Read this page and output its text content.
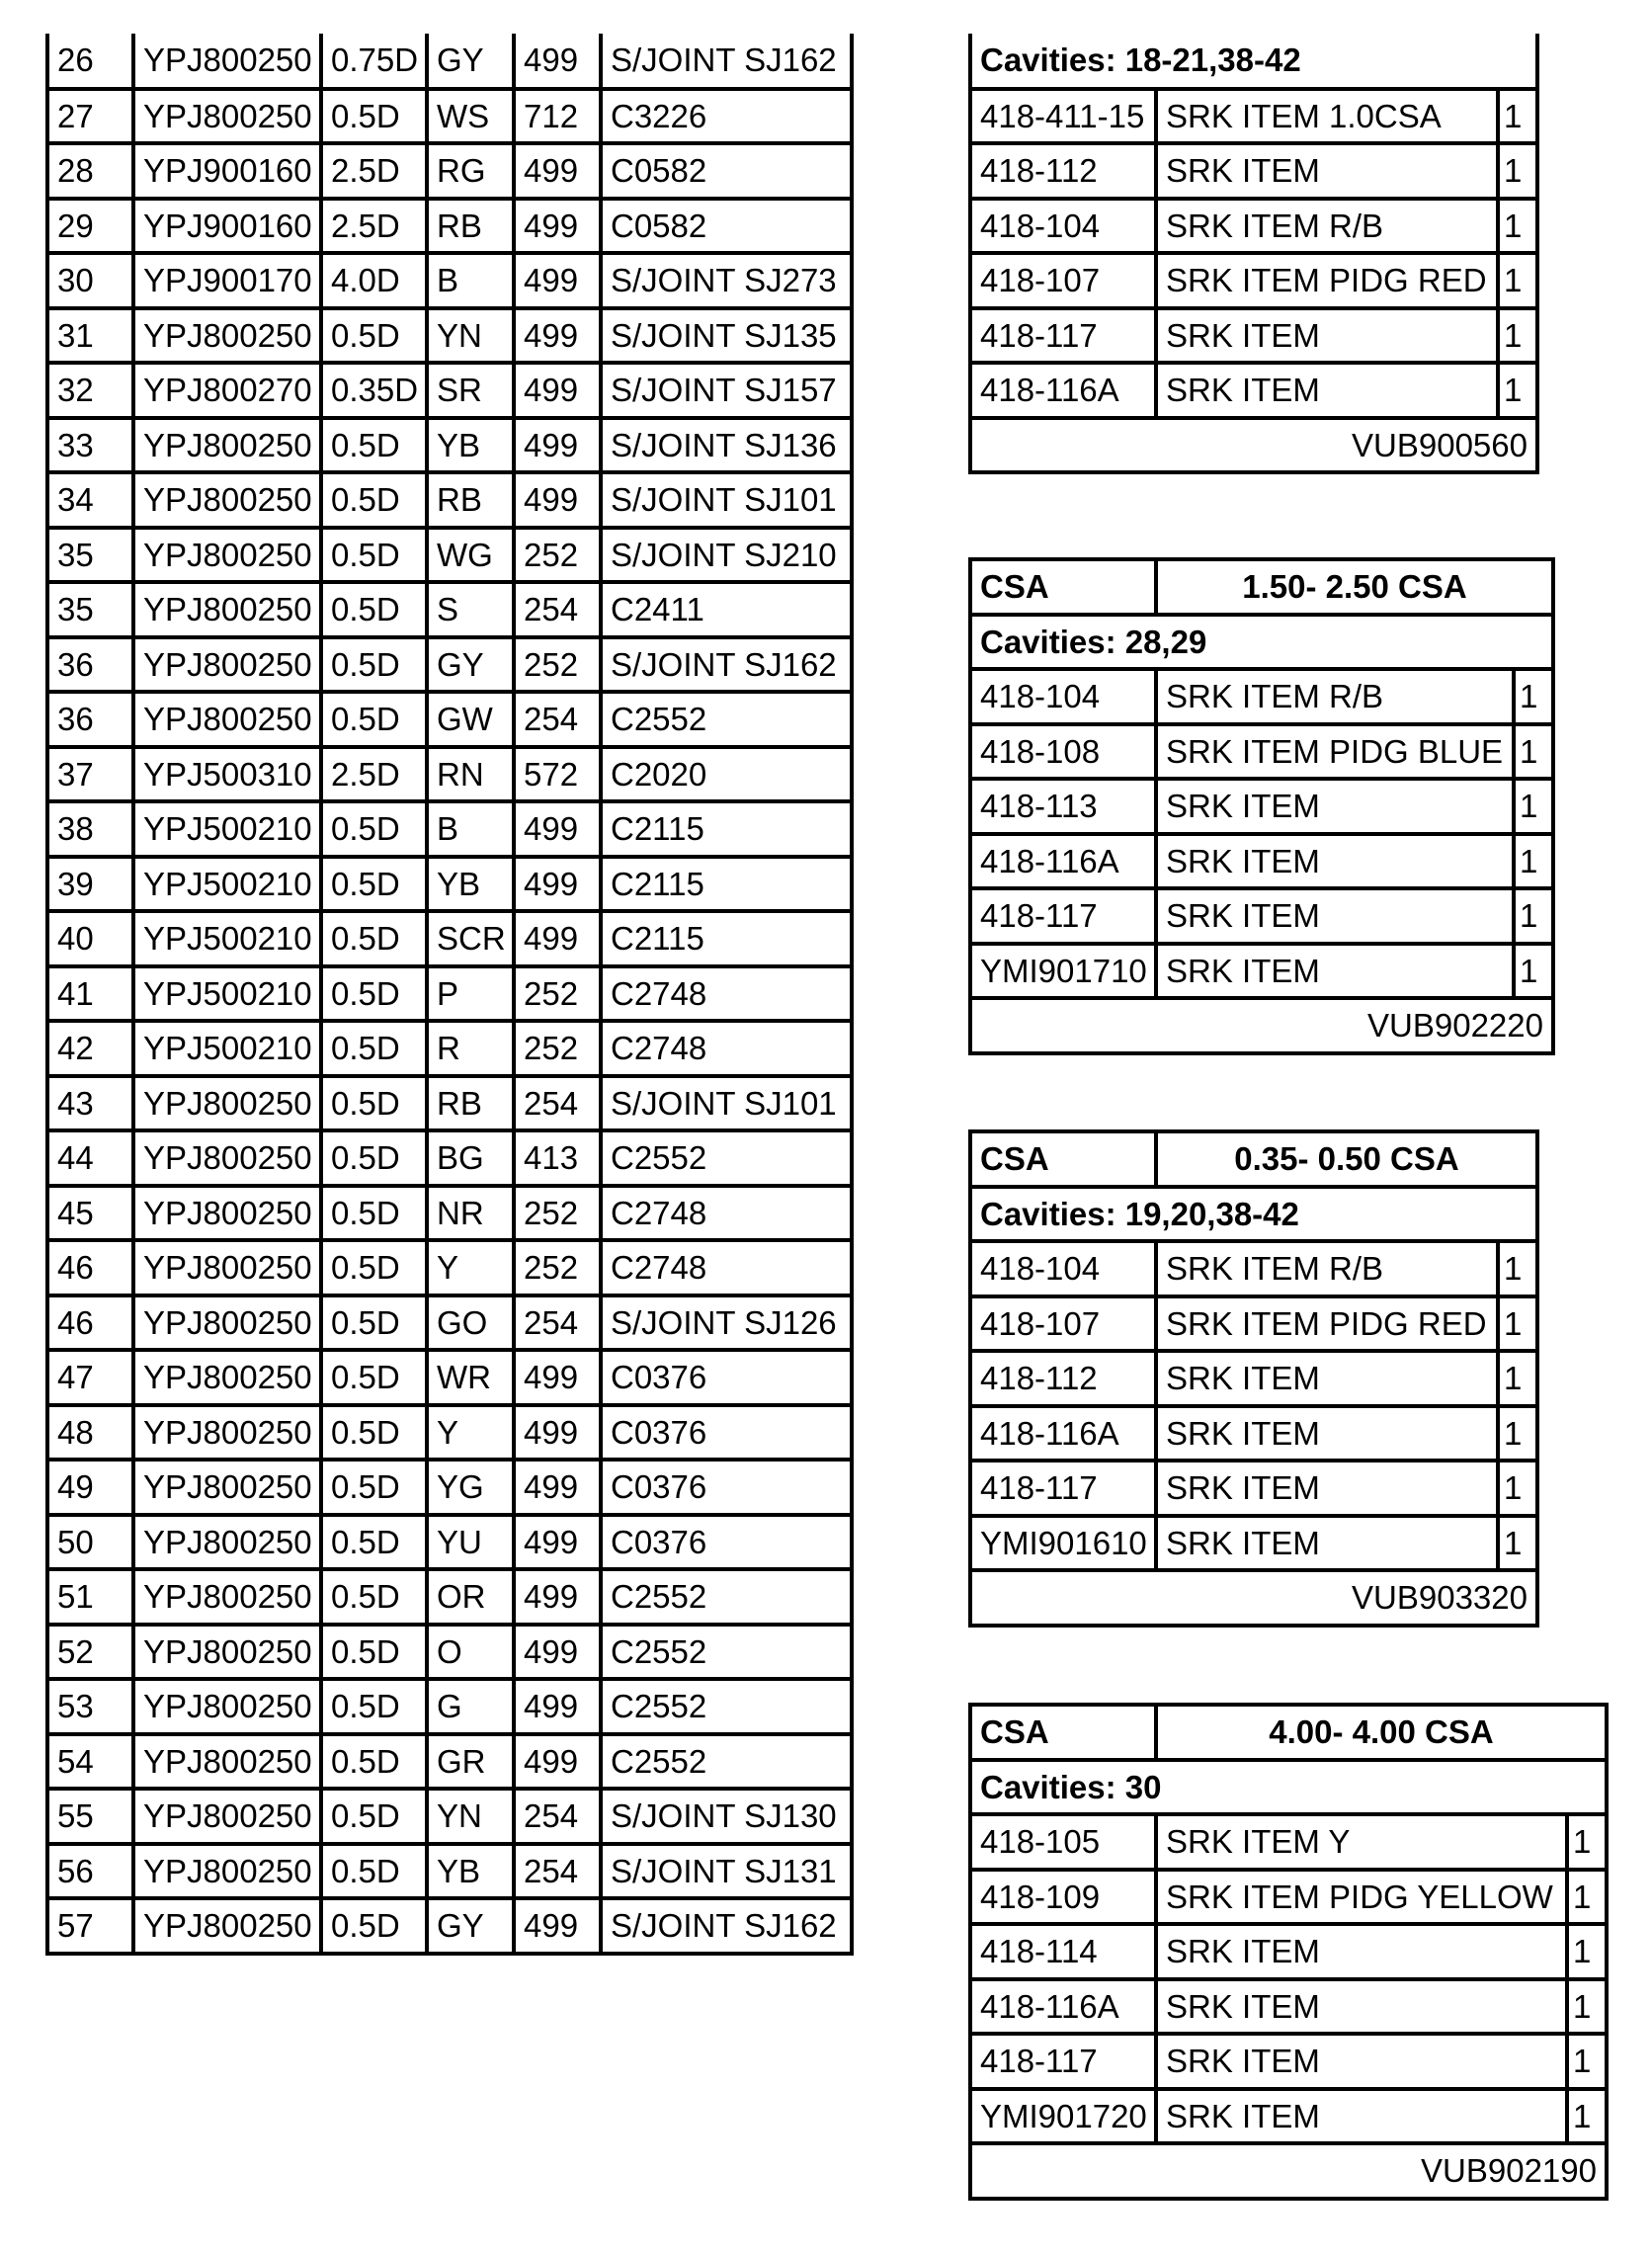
26	YPJ800250	0.75D	GY	499	S/JOINT SJ162
27	YPJ800250	0.5D	WS	712	C3226
28	YPJ900160	2.5D	RG	499	C0582
29	YPJ900160	2.5D	RB	499	C0582
30	YPJ900170	4.0D	B	499	S/JOINT SJ273
31	YPJ800250	0.5D	YN	499	S/JOINT SJ135
32	YPJ800270	0.35D	SR	499	S/JOINT SJ157
33	YPJ800250	0.5D	YB	499	S/JOINT SJ136
34	YPJ800250	0.5D	RB	499	S/JOINT SJ101
35	YPJ800250	0.5D	WG	252	S/JOINT SJ210
35	YPJ800250	0.5D	S	254	C2411
36	YPJ800250	0.5D	GY	252	S/JOINT SJ162
36	YPJ800250	0.5D	GW	254	C2552
37	YPJ500310	2.5D	RN	572	C2020
38	YPJ500210	0.5D	B	499	C2115
39	YPJ500210	0.5D	YB	499	C2115
40	YPJ500210	0.5D	SCR	499	C2115
41	YPJ500210	0.5D	P	252	C2748
42	YPJ500210	0.5D	R	252	C2748
43	YPJ800250	0.5D	RB	254	S/JOINT SJ101
44	YPJ800250	0.5D	BG	413	C2552
45	YPJ800250	0.5D	NR	252	C2748
46	YPJ800250	0.5D	Y	252	C2748
46	YPJ800250	0.5D	GO	254	S/JOINT SJ126
47	YPJ800250	0.5D	WR	499	C0376
48	YPJ800250	0.5D	Y	499	C0376
49	YPJ800250	0.5D	YG	499	C0376
50	YPJ800250	0.5D	YU	499	C0376
51	YPJ800250	0.5D	OR	499	C2552
52	YPJ800250	0.5D	O	499	C2552
53	YPJ800250	0.5D	G	499	C2552
54	YPJ800250	0.5D	GR	499	C2552
55	YPJ800250	0.5D	YN	254	S/JOINT SJ130
56	YPJ800250	0.5D	YB	254	S/JOINT SJ131
57	YPJ800250	0.5D	GY	499	S/JOINT SJ162
Cavities: 18-21,38-42		
418-411-15	SRK ITEM 1.0CSA	1
418-112	SRK ITEM	1
418-104	SRK ITEM R/B	1
418-107	SRK ITEM PIDG RED	1
418-117	SRK ITEM	1
418-116A	SRK ITEM	1
VUB900560		
CSA	1.50- 2.50 CSA	
Cavities: 28,29		
418-104	SRK ITEM R/B	1
418-108	SRK ITEM PIDG BLUE	1
418-113	SRK ITEM	1
418-116A	SRK ITEM	1
418-117	SRK ITEM	1
YMI901710	SRK ITEM	1
VUB902220		
CSA	0.35- 0.50 CSA	
Cavities: 19,20,38-42		
418-104	SRK ITEM R/B	1
418-107	SRK ITEM PIDG RED	1
418-112	SRK ITEM	1
418-116A	SRK ITEM	1
418-117	SRK ITEM	1
YMI901610	SRK ITEM	1
VUB903320		
CSA	4.00- 4.00 CSA	
Cavities: 30		
418-105	SRK ITEM Y	1
418-109	SRK ITEM PIDG YELLOW	1
418-114	SRK ITEM	1
418-116A	SRK ITEM	1
418-117	SRK ITEM	1
YMI901720	SRK ITEM	1
VUB902190		
